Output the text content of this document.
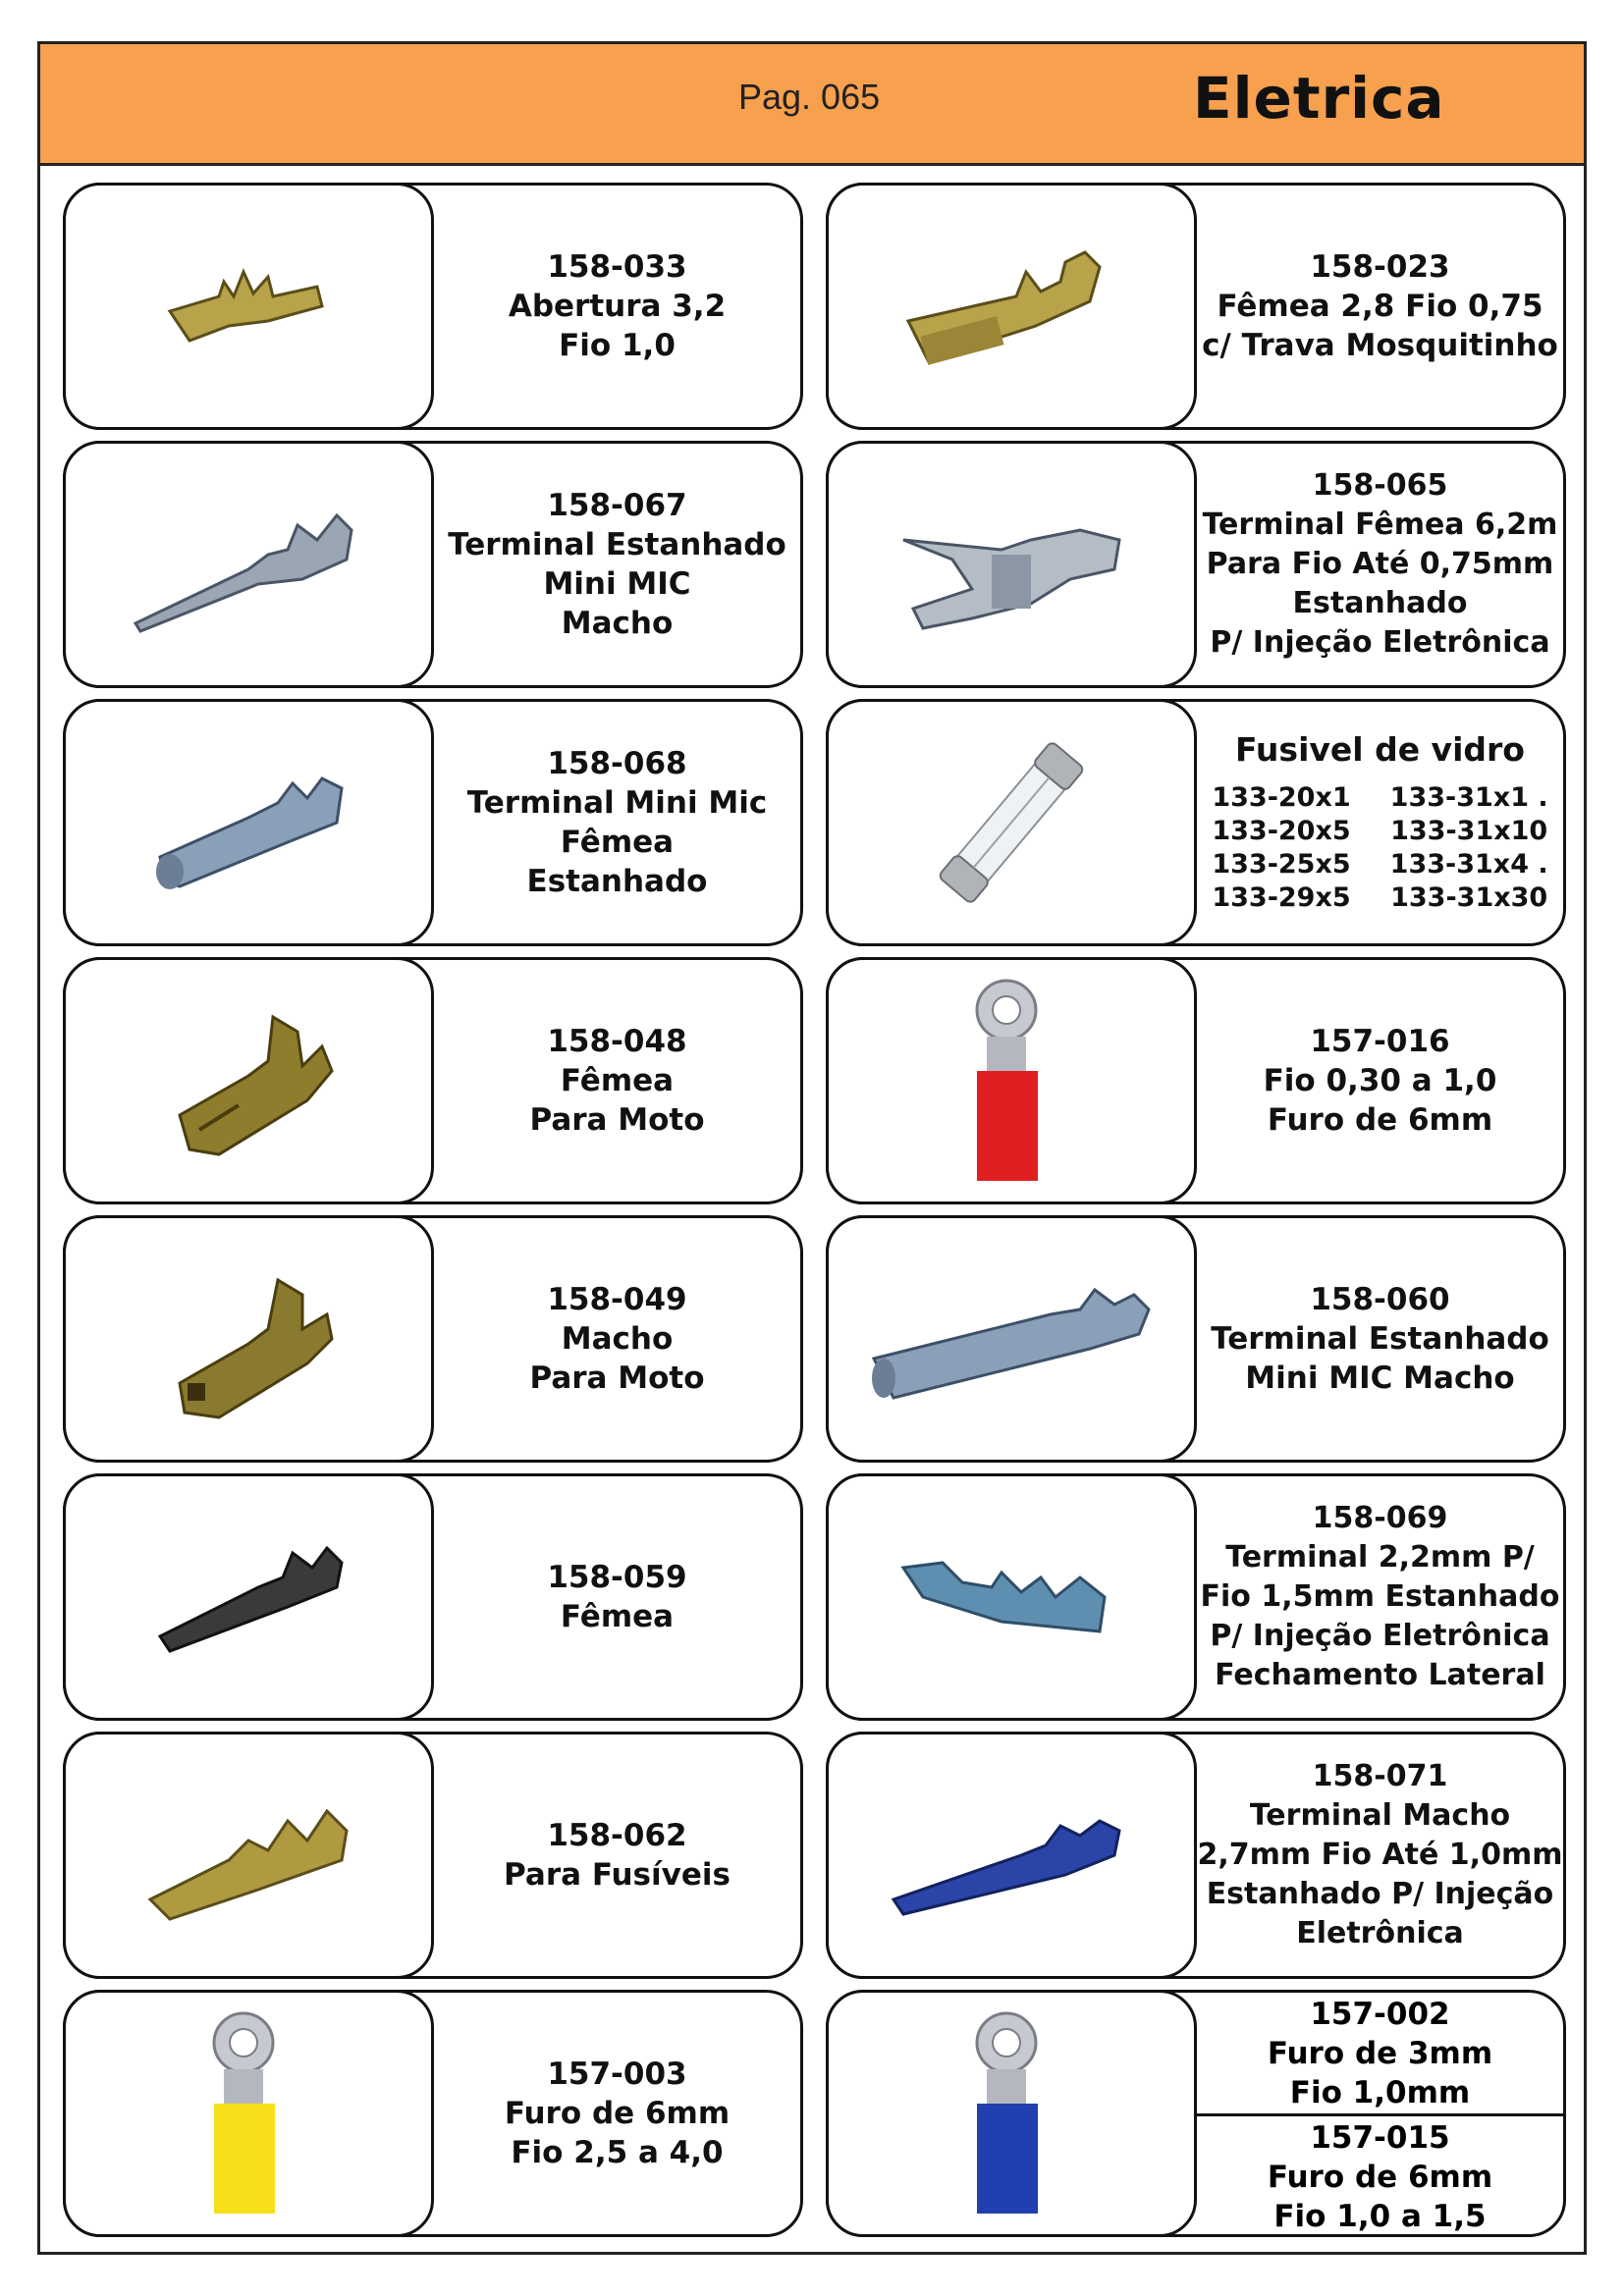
Pag. 065	Eletrica
158-033
Abertura 3,2
Fio 1,0
158-023
Fêmea 2,8 Fio 0,75
c/ Trava Mosquitinho
158-067
Terminal Estanhado
Mini MIC
Macho
158-065
Terminal Fêmea 6,2m
Para Fio Até 0,75mm
Estanhado
P/ Injeção Eletrônica
158-068
Terminal Mini Mic
Fêmea
Estanhado
Fusivel de vidro
133-20x1 133-31x1 .
133-20x5 133-31x10
133-25x5 133-31x4 .
133-29x5 133-31x30
158-048
Fêmea
Para Moto
157-016
Fio 0,30 a 1,0
Furo de 6mm
158-049
Macho
Para Moto
158-060
Terminal Estanhado
Mini MIC Macho
158-059
Fêmea
158-069
Terminal 2,2mm P/
Fio 1,5mm Estanhado
P/ Injeção Eletrônica
Fechamento Lateral
158-062
Para Fusíveis
158-071
Terminal Macho
2,7mm Fio Até 1,0mm
Estanhado P/ Injeção
Eletrônica
157-003
Furo de 6mm
Fio 2,5 a 4,0
157-002
Furo de 3mm
Fio 1,0mm
157-015
Furo de 6mm
Fio 1,0 a 1,5
